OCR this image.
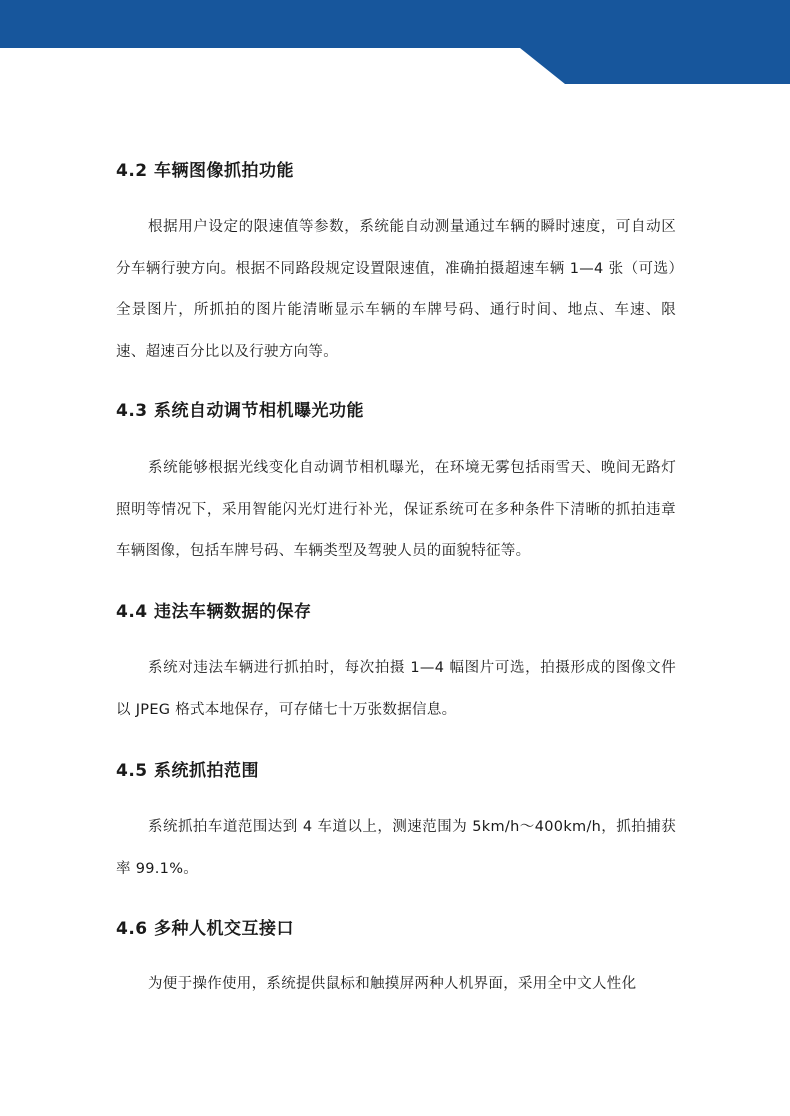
4.2 车辆图像抓拍功能

根据用户设定的限速值等参数，系统能自动测量通过车辆的瞬时速度，可自动区分车辆行驶方向。根据不同路段规定设置限速值，准确拍摄超速车辆 1—4 张（可选）全景图片，所抓拍的图片能清晰显示车辆的车牌号码、通行时间、地点、车速、限速、超速百分比以及行驶方向等。

4.3 系统自动调节相机曝光功能

系统能够根据光线变化自动调节相机曝光，在环境无雾包括雨雪天、晚间无路灯照明等情况下，采用智能闪光灯进行补光，保证系统可在多种条件下清晰的抓拍违章车辆图像，包括车牌号码、车辆类型及驾驶人员的面貌特征等。

4.4 违法车辆数据的保存

系统对违法车辆进行抓拍时，每次拍摄 1—4 幅图片可选，拍摄形成的图像文件以 JPEG 格式本地保存，可存储七十万张数据信息。

4.5 系统抓拍范围

系统抓拍车道范围达到 4 车道以上，测速范围为 5km/h～400km/h，抓拍捕获率 99.1%。

4.6 多种人机交互接口

为便于操作使用，系统提供鼠标和触摸屏两种人机界面，采用全中文人性化
